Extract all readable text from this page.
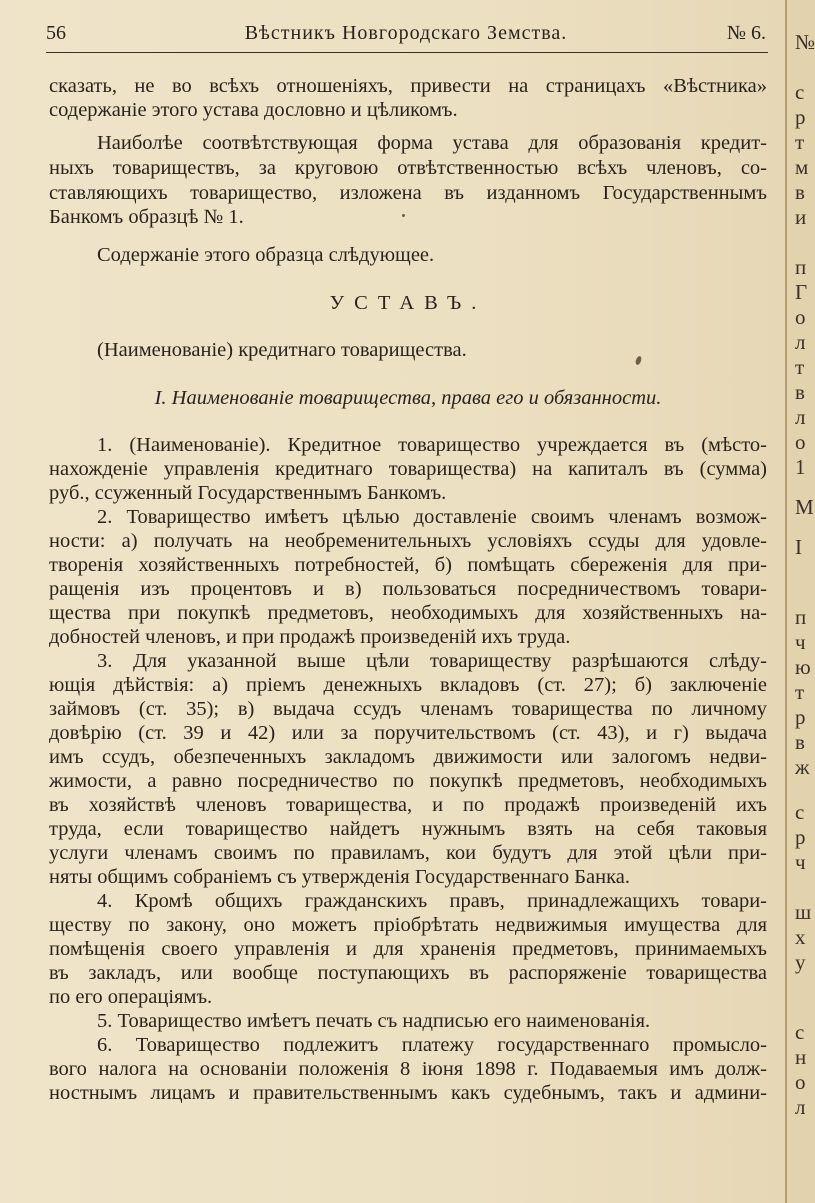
56	Вѣстникъ Новгородскаго Земства.	№ 6.
сказать, не во всѣхъ отношеніяхъ, привести на страницахъ «Вѣстника»
содержаніе этого устава дословно и цѣликомъ.
Наиболѣе соотвѣтствующая форма устава для образованія кредит-
ныхъ товариществъ, за круговою отвѣтственностью всѣхъ членовъ, со-
ставляющихъ товарищество, изложена въ изданномъ Государственнымъ
Банкомъ образцѣ № 1.
Содержаніе этого образца слѣдующее.
УСТАВЪ.
(Наименованіе) кредитнаго товарищества.
I. Наименованіе товарищества, права его и обязанности.
1. (Наименованіе). Кредитное товарищество учреждается въ (мѣсто-
нахожденіе управленія кредитнаго товарищества) на капиталъ въ (сумма)
руб., ссуженный Государственнымъ Банкомъ.
2. Товарищество имѣетъ цѣлью доставленіе своимъ членамъ возмож-
ности: а) получать на необременительныхъ условіяхъ ссуды для удовле-
творенія хозяйственныхъ потребностей, б) помѣщать сбереженія для при-
ращенія изъ процентовъ и в) пользоваться посредничествомъ товари-
щества при покупкѣ предметовъ, необходимыхъ для хозяйственныхъ на-
добностей членовъ, и при продажѣ произведеній ихъ труда.
3. Для указанной выше цѣли товариществу разрѣшаются слѣду-
ющія дѣйствія: а) пріемъ денежныхъ вкладовъ (ст. 27); б) заключеніе
займовъ (ст. 35); в) выдача ссудъ членамъ товарищества по личному
довѣрію (ст. 39 и 42) или за поручительствомъ (ст. 43), и г) выдача
имъ ссудъ, обезпеченныхъ закладомъ движимости или залогомъ недви-
жимости, а равно посредничество по покупкѣ предметовъ, необходимыхъ
въ хозяйствѣ членовъ товарищества, и по продажѣ произведеній ихъ
труда, если товарищество найдетъ нужнымъ взять на себя таковыя
услуги членамъ своимъ по правиламъ, кои будутъ для этой цѣли при-
няты общимъ собраніемъ съ утвержденія Государственнаго Банка.
4. Кромѣ общихъ гражданскихъ правъ, принадлежащихъ товари-
ществу по закону, оно можетъ пріобрѣтать недвижимыя имущества для
помѣщенія своего управленія и для храненія предметовъ, принимаемыхъ
въ закладъ, или вообще поступающихъ въ распоряженіе товарищества
по его операціямъ.
5. Товарищество имѣетъ печать съ надписью его наименованія.
6. Товарищество подлежитъ платежу государственнаго промысло-
вого налога на основаніи положенія 8 іюня 1898 г. Подаваемыя имъ долж-
ностнымъ лицамъ и правительственнымъ какъ судебнымъ, такъ и админи-
№
с
р
т
м
в
и
п
Г
о
л
т
в
л
о
1
М
I
п
ч
ю
т
р
в
ж
с
р
ч
ш
х
у
с
н
о
л
